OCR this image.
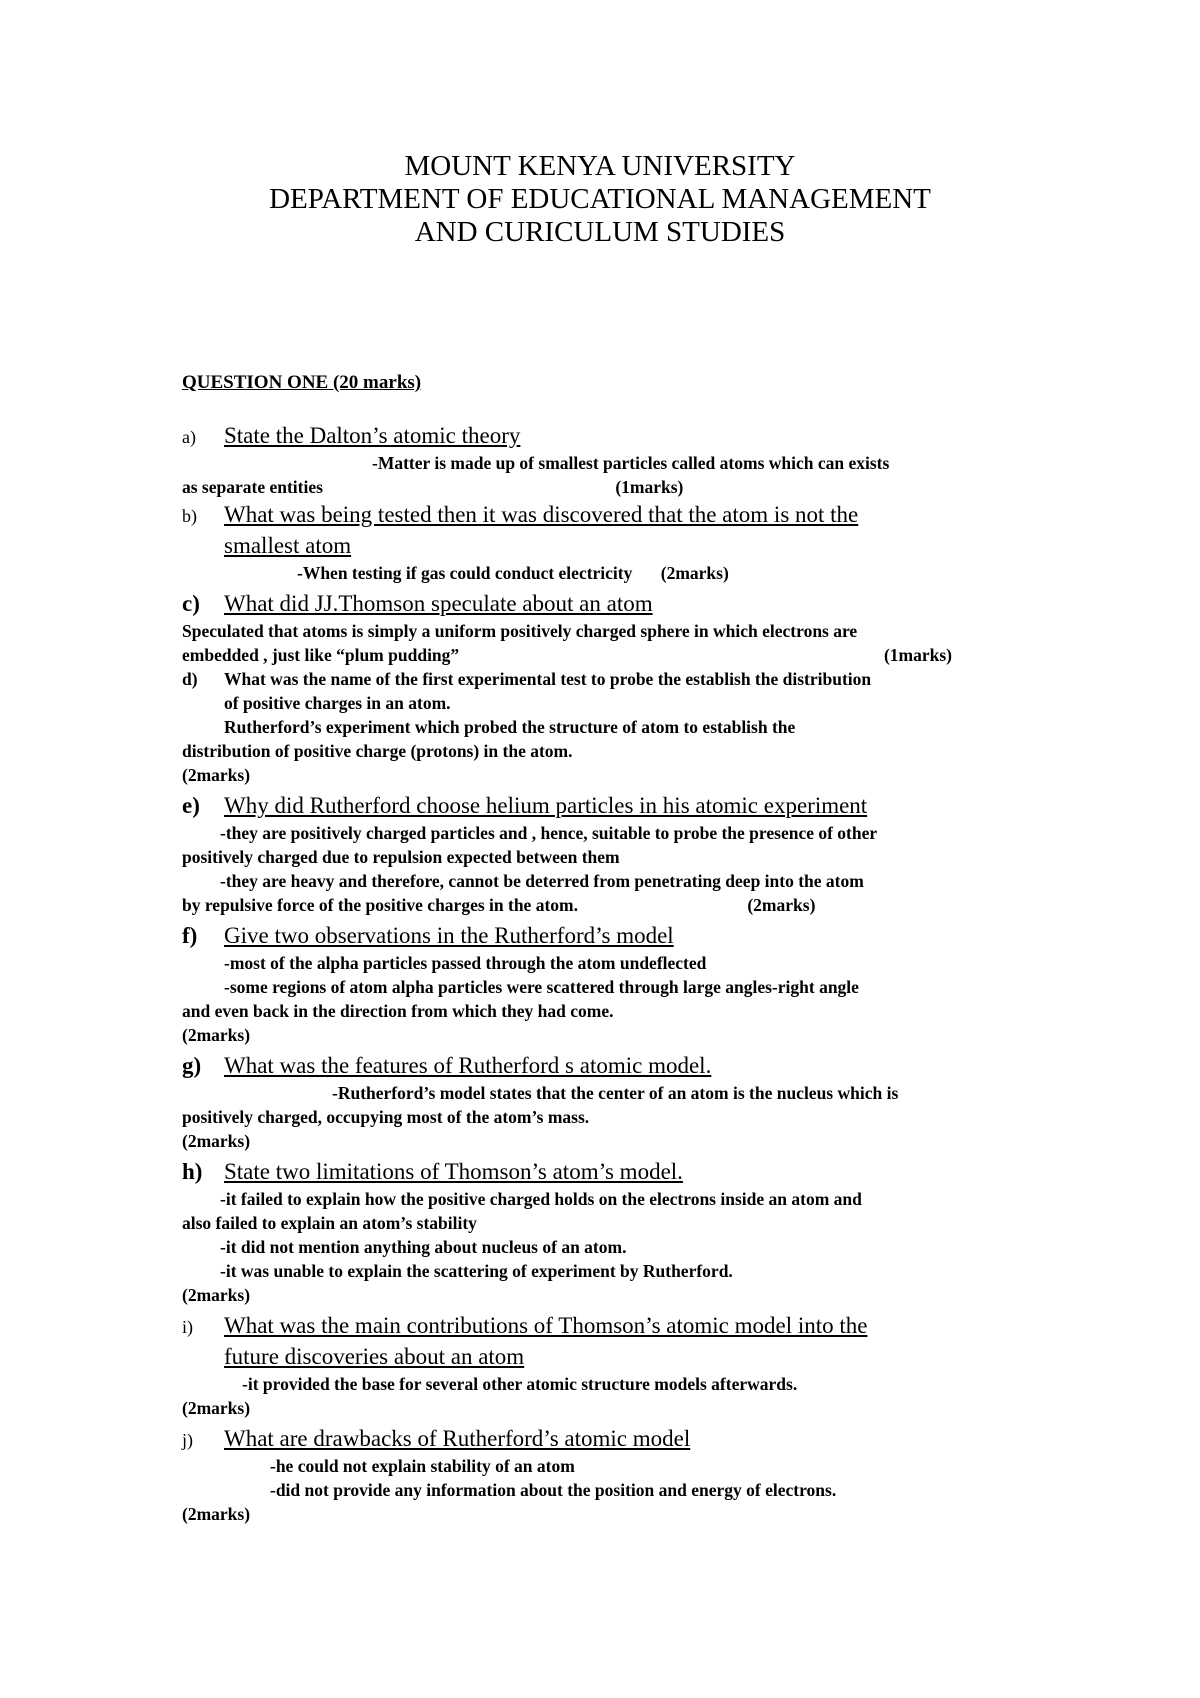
MOUNT KENYA UNIVERSITY
DEPARTMENT OF EDUCATIONAL MANAGEMENT
AND CURICULUM STUDIES
QUESTION ONE (20 marks)
a)	State the Dalton’s atomic theory
-Matter is made up of smallest particles called atoms which can exists
as separate entities	(1marks)
b)	What was being tested then it was discovered that the atom is not the
smallest atom
-When testing if gas could conduct electricity (2marks)
c)	What did JJ.Thomson speculate about an atom
Speculated that atoms is simply a uniform positively charged sphere in which electrons are
embedded , just like “plum pudding”	(1marks)
d)	What was the name of the first experimental test to probe the establish the distribution
of positive charges in an atom.
Rutherford’s experiment which probed the structure of atom to establish the
distribution of positive charge (protons) in the atom.
(2marks)
e)	Why did Rutherford choose helium particles in his atomic experiment
-they are positively charged particles and , hence, suitable to probe the presence of other
positively charged due to repulsion expected between them
-they are heavy and therefore, cannot be deterred from penetrating deep into the atom
by repulsive force of the positive charges in the atom.	(2marks)
f)	Give two observations in the Rutherford’s model
-most of the alpha particles passed through the atom undeflected
-some regions of atom alpha particles were scattered through large angles-right angle
and even back in the direction from which they had come.
(2marks)
g) What was the features of Rutherford s atomic model.
-Rutherford’s model states that the center of an atom is the nucleus which is
positively charged, occupying most of the atom’s mass.
(2marks)
h) State two limitations of Thomson’s atom’s model.
-it failed to explain how the positive charged holds on the electrons inside an atom and
also failed to explain an atom’s stability
-it did not mention anything about nucleus of an atom.
-it was unable to explain the scattering of experiment by Rutherford.
(2marks)
i)	What was the main contributions of Thomson’s atomic model into the
future discoveries about an atom
-it provided the base for several other atomic structure models afterwards.
(2marks)
j)	What are drawbacks of Rutherford’s atomic model
-he could not explain stability of an atom
-did not provide any information about the position and energy of electrons.
(2marks)
